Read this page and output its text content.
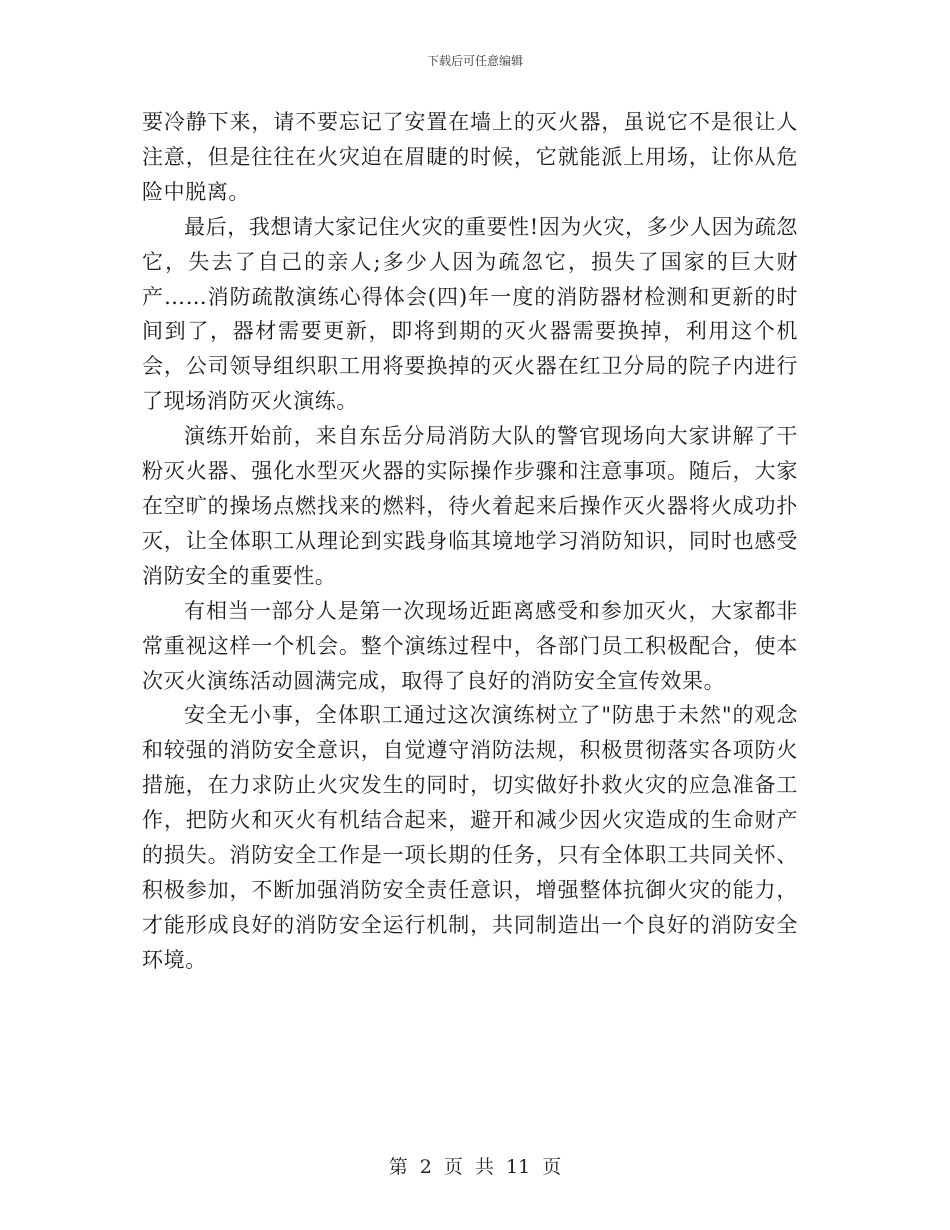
下载后可任意编辑

要冷静下来，请不要忘记了安置在墙上的灭火器，虽说它不是很让人注意，但是往往在火灾迫在眉睫的时候，它就能派上用场，让你从危险中脱离。

最后，我想请大家记住火灾的重要性!因为火灾，多少人因为疏忽它，失去了自己的亲人;多少人因为疏忽它，损失了国家的巨大财产……消防疏散演练心得体会(四)年一度的消防器材检测和更新的时间到了，器材需要更新，即将到期的灭火器需要换掉，利用这个机会，公司领导组织职工用将要换掉的灭火器在红卫分局的院子内进行了现场消防灭火演练。

演练开始前，来自东岳分局消防大队的警官现场向大家讲解了干粉灭火器、强化水型灭火器的实际操作步骤和注意事项。随后，大家在空旷的操场点燃找来的燃料，待火着起来后操作灭火器将火成功扑灭，让全体职工从理论到实践身临其境地学习消防知识，同时也感受消防安全的重要性。

有相当一部分人是第一次现场近距离感受和参加灭火，大家都非常重视这样一个机会。整个演练过程中，各部门员工积极配合，使本次灭火演练活动圆满完成，取得了良好的消防安全宣传效果。

安全无小事，全体职工通过这次演练树立了"防患于未然"的观念和较强的消防安全意识，自觉遵守消防法规，积极贯彻落实各项防火措施，在力求防止火灾发生的同时，切实做好扑救火灾的应急准备工作，把防火和灭火有机结合起来，避开和减少因火灾造成的生命财产的损失。消防安全工作是一项长期的任务，只有全体职工共同关怀、积极参加，不断加强消防安全责任意识，增强整体抗御火灾的能力，才能形成良好的消防安全运行机制，共同制造出一个良好的消防安全环境。

第 2 页 共 11 页
